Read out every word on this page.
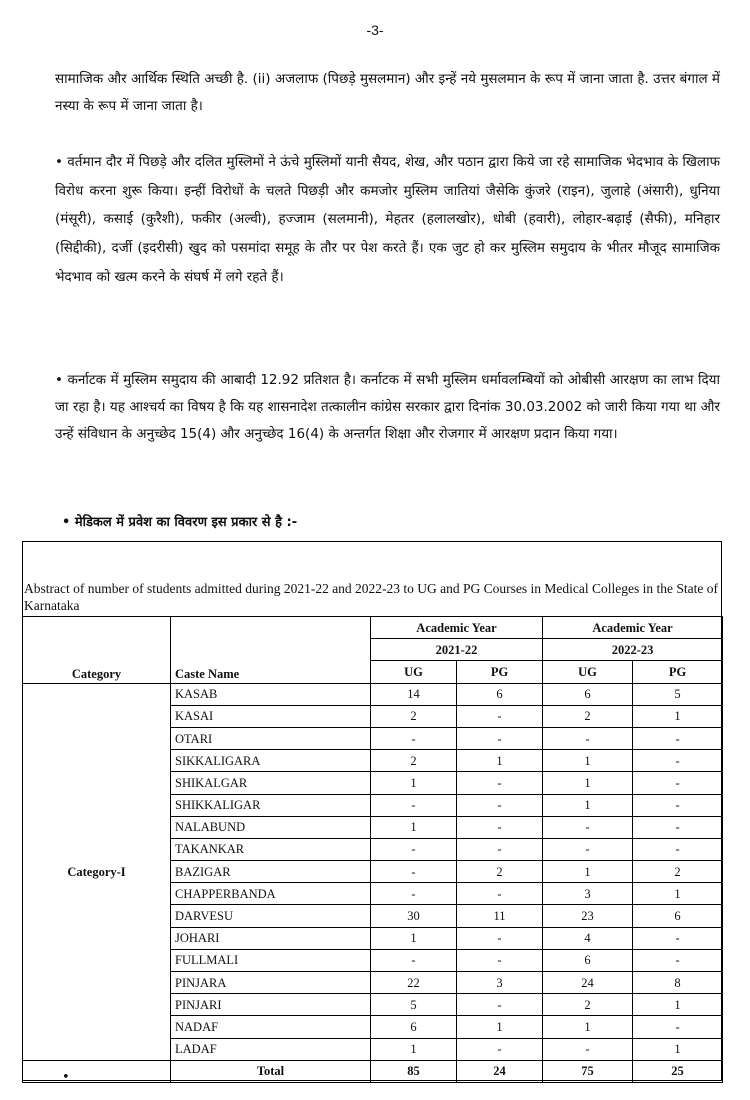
-3-

सामाजिक और आर्थिक स्थिति अच्छी है. (ii) अजलाफ (पिछड़े मुसलमान) और इन्हें नये मुसलमान के रूप में जाना जाता है. उत्तर बंगाल में नस्या के रूप में जाना जाता है।

• वर्तमान दौर में पिछड़े और दलित मुस्लिमों ने ऊंचे मुस्लिमों यानी सैयद, शेख, और पठान द्वारा किये जा रहे सामाजिक भेदभाव के खिलाफ विरोध करना शुरू किया। इन्हीं विरोधों के चलते पिछड़ी और कमजोर मुस्लिम जातियां जैसेकि कुंजरे (राइन), जुलाहे (अंसारी), धुनिया (मंसूरी), कसाई (कुरैशी), फकीर (अल्वी), हज्जाम (सलमानी), मेहतर (हलालखोर), धोबी (हवारी), लोहार-बढ़ाई (सैफी), मनिहार (सिद्दीकी), दर्जी (इदरीसी) खुद को पसमांदा समूह के तौर पर पेश करते हैं। एक जुट हो कर मुस्लिम समुदाय के भीतर मौजूद सामाजिक भेदभाव को खत्म करने के संघर्ष में लगे रहते हैं।

• कर्नाटक में मुस्लिम समुदाय की आबादी 12.92 प्रतिशत है। कर्नाटक में सभी मुस्लिम धर्मावलम्बियों को ओबीसी आरक्षण का लाभ दिया जा रहा है। यह आश्चर्य का विषय है कि यह शासनादेश तत्कालीन कांग्रेस सरकार द्वारा दिनांक 30.03.2002 को जारी किया गया था और उन्हें संविधान के अनुच्छेद 15(4) और अनुच्छेद 16(4) के अन्तर्गत शिक्षा और रोजगार में आरक्षण प्रदान किया गया।

• मेडिकल में प्रवेश का विवरण इस प्रकार से है :-
Abstract of number of students admitted during 2021-22 and 2022-23 to UG and PG Courses in Medical Colleges in the State of Karnataka
Category	Caste Name	Academic Year		Academic Year	
		2021-22		2022-23	
		UG	PG	UG	PG
Category-I	KASAB	14	6	6	5
	KASAI	2	-	2	1
	OTARI	-	-	-	-
	SIKKALIGARA	2	1	1	-
	SHIKALGAR	1	-	1	-
	SHIKKALIGAR	-	-	1	-
	NALABUND	1	-	-	-
	TAKANKAR	-	-	-	-
	BAZIGAR	-	2	1	2
	CHAPPERBANDA	-	-	3	1
	DARVESU	30	11	23	6
	JOHARI	1	-	4	-
	FULLMALI	-	-	6	-
	PINJARA	22	3	24	8
	PINJARI	5	-	2	1
	NADAF	6	1	1	-
	LADAF	1	-	-	1
	Total	85	24	75	25
•
